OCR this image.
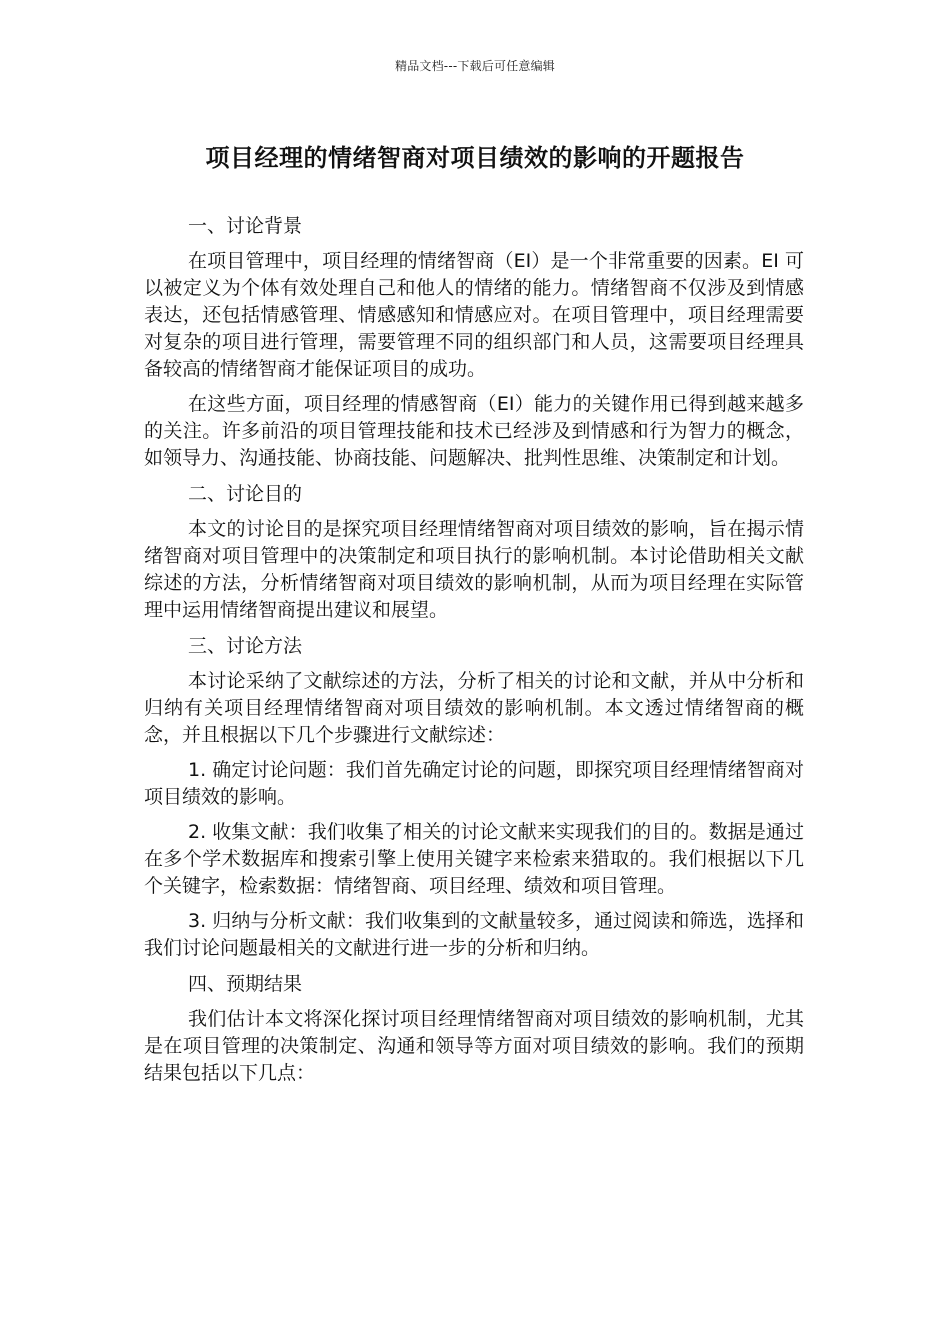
精品文档---下载后可任意编辑
项目经理的情绪智商对项目绩效的影响的开题报告

一、讨论背景

在项目管理中，项目经理的情绪智商（EI）是一个非常重要的因素。EI 可以被定义为个体有效处理自己和他人的情绪的能力。情绪智商不仅涉及到情感表达，还包括情感管理、情感感知和情感应对。在项目管理中，项目经理需要对复杂的项目进行管理，需要管理不同的组织部门和人员，这需要项目经理具备较高的情绪智商才能保证项目的成功。

在这些方面，项目经理的情感智商（EI）能力的关键作用已得到越来越多的关注。许多前沿的项目管理技能和技术已经涉及到情感和行为智力的概念，如领导力、沟通技能、协商技能、问题解决、批判性思维、决策制定和计划。

二、讨论目的

本文的讨论目的是探究项目经理情绪智商对项目绩效的影响，旨在揭示情绪智商对项目管理中的决策制定和项目执行的影响机制。本讨论借助相关文献综述的方法，分析情绪智商对项目绩效的影响机制，从而为项目经理在实际管理中运用情绪智商提出建议和展望。

三、讨论方法

本讨论采纳了文献综述的方法，分析了相关的讨论和文献，并从中分析和归纳有关项目经理情绪智商对项目绩效的影响机制。本文透过情绪智商的概念，并且根据以下几个步骤进行文献综述：

1. 确定讨论问题：我们首先确定讨论的问题，即探究项目经理情绪智商对项目绩效的影响。

2. 收集文献：我们收集了相关的讨论文献来实现我们的目的。数据是通过在多个学术数据库和搜索引擎上使用关键字来检索来猎取的。我们根据以下几个关键字，检索数据：情绪智商、项目经理、绩效和项目管理。

3. 归纳与分析文献：我们收集到的文献量较多，通过阅读和筛选，选择和我们讨论问题最相关的文献进行进一步的分析和归纳。

四、预期结果

我们估计本文将深化探讨项目经理情绪智商对项目绩效的影响机制，尤其是在项目管理的决策制定、沟通和领导等方面对项目绩效的影响。我们的预期结果包括以下几点：
